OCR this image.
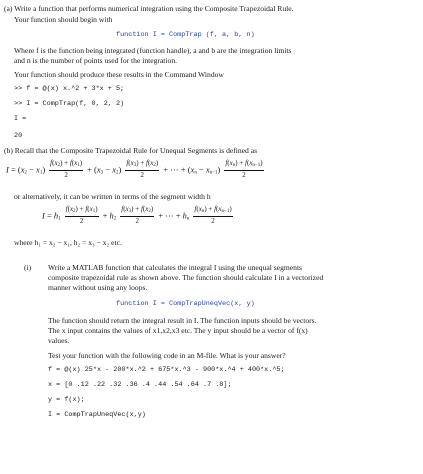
(a) Write a function that performs numerical integration using the Composite Trapezoidal Rule.
Your function should begin with
function I = CompTrap (f, a, b, n)
Where f is the function being integrated (function handle), a and b are the integration limits
and n is the number of points used for the integration.
Your function should produce these results in the Command Window
>> f = @(x) x.^2 + 3*x + 5;
>> I = CompTrap(f, 0, 2, 2)
I =
20
(b) Recall that the Composite Trapezoidal Rule for Unequal Segments is defined as
$I = (x_2 - x_1) \frac{f(x_2) + f(x_1)}{2} + (x_3 - x_2) \frac{f(x_3) + f(x_2)}{2}$ + ⋯ + $(x_n - x_{n-1}) \frac{f(x_n) + f(x_{n-1})}{2}$
or alternatively, it can be written in terms of the segment width h
$I = h_1 \frac{f(x_2) + f(x_1)}{2} + h_2 \frac{f(x_3) + f(x_2)}{2}$ + ⋯ + $h_n \frac{f(x_n) + f(x_{n-1})}{2}$
where h₁ = x₂ − x₁, h₂ = x₃ − x₂ etc.
(i) Write a MATLAB function that calculates the integral I using the unequal segments
composite trapezoidal rule as shown above. The function should calculate I in a vectorized
manner without using any loops.
function I = CompTrapUneqVec(x, y)
The function should return the integral result in I. The function inputs should be vectors.
The x input contains the values of x1,x2,x3 etc. The y input should be a vector of f(x)
values.
Test your function with the following code in an M-file. What is your answer?
f = @(x) 25*x - 200*x.^2 + 675*x.^3 - 900*x.^4 + 400*x.^5;
x = [0 .12 .22 .32 .36 .4 .44 .54 .64 .7 .8];
y = f(x);
I = CompTrapUneqVec(x,y)
